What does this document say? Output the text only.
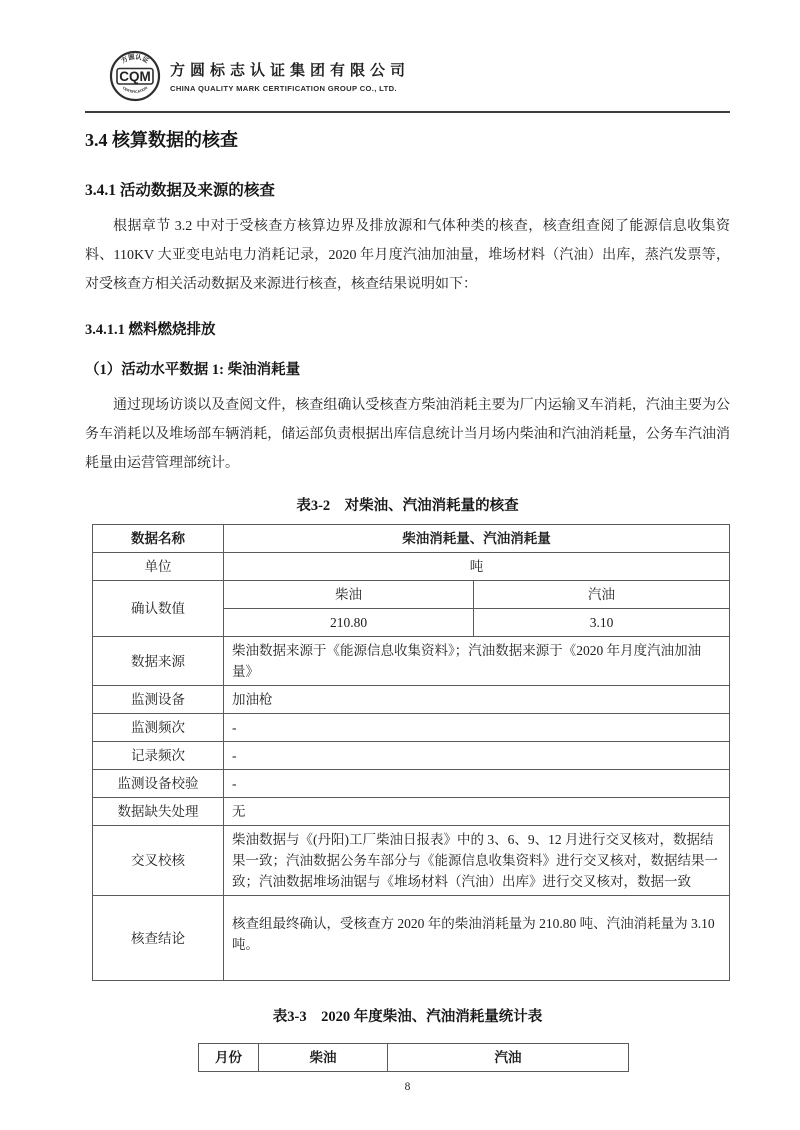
方圆认证
CQM
CERTIFICATION
方圆标志认证集团有限公司
CHINA QUALITY MARK CERTIFICATION GROUP CO., LTD.
3.4 核算数据的核查
3.4.1 活动数据及来源的核查

根据章节 3.2 中对于受核查方核算边界及排放源和气体种类的核查，核查组查阅了能源信息收集资料、110KV 大亚变电站电力消耗记录，2020 年月度汽油加油量，堆场材料（汽油）出库，蒸汽发票等，对受核查方相关活动数据及来源进行核查，核查结果说明如下：

3.4.1.1 燃料燃烧排放
（1）活动水平数据 1: 柴油消耗量

通过现场访谈以及查阅文件，核查组确认受核查方柴油消耗主要为厂内运输叉车消耗，汽油主要为公务车消耗以及堆场部车辆消耗，储运部负责根据出库信息统计当月场内柴油和汽油消耗量，公务车汽油消耗量由运营管理部统计。

表3-2　对柴油、汽油消耗量的核查
数据名称	柴油消耗量、汽油消耗量	
单位	吨	
确认数值	柴油	汽油
	210.80	3.10
数据来源	柴油数据来源于《能源信息收集资料》；汽油数据来源于《2020 年月度汽油加油量》	
监测设备	加油枪	
监测频次	-	
记录频次	-	
监测设备校验	-	
数据缺失处理	无	
交叉校核	柴油数据与《(丹阳)工厂柴油日报表》中的 3、6、9、12 月进行交叉核对，数据结果一致；汽油数据公务车部分与《能源信息收集资料》进行交叉核对，数据结果一致；汽油数据堆场油锯与《堆场材料（汽油）出库》进行交叉核对，数据一致	
核查结论	核查组最终确认，受核查方 2020 年的柴油消耗量为 210.80 吨、汽油消耗量为 3.10 吨。	
表3-3　2020 年度柴油、汽油消耗量统计表
月份	柴油	汽油
8
